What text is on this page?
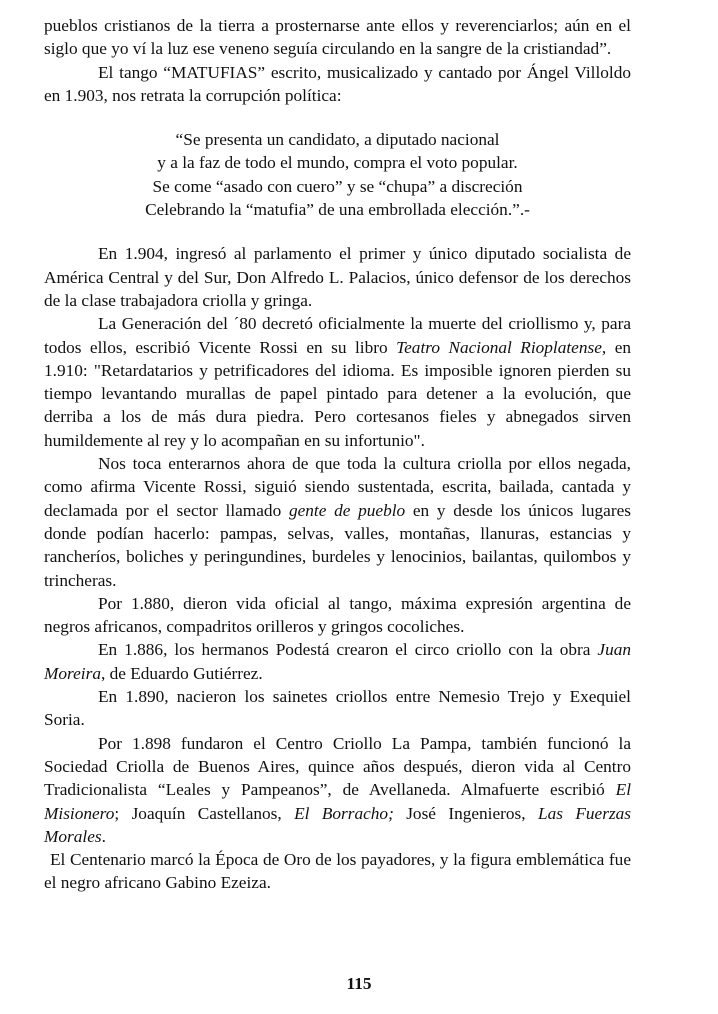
pueblos cristianos de la tierra a prosternarse ante ellos y reverenciarlos; aún en el siglo que yo ví la luz ese veneno seguía circulando en la sangre de la cristiandad”.

El tango “MATUFIAS” escrito, musicalizado y cantado por Ángel Villoldo en 1.903, nos retrata la corrupción política:

“Se presenta un candidato, a diputado nacional
y a la faz de todo el mundo, compra el voto popular.
Se come “asado con cuero” y se “chupa” a discreción
Celebrando la “matufia” de una embrollada elección.”.-

En 1.904, ingresó al parlamento el primer y único diputado socialista de América Central y del Sur, Don Alfredo L. Palacios, único defensor de los derechos de la clase trabajadora criolla y gringa.

La Generación del ´80 decretó oficialmente la muerte del criollismo y, para todos ellos, escribió Vicente Rossi en su libro Teatro Nacional Rioplatense, en 1.910: "Retardatarios y petrificadores del idioma. Es imposible ignoren pierden su tiempo levantando murallas de papel pintado para detener a la evolución, que derriba a los de más dura piedra. Pero cortesanos fieles y abnegados sirven humildemente al rey y lo acompañan en su infortunio".

Nos toca enterarnos ahora de que toda la cultura criolla por ellos negada, como afirma Vicente Rossi, siguió siendo sustentada, escrita, bailada, cantada y declamada por el sector llamado gente de pueblo en y desde los únicos lugares donde podían hacerlo: pampas, selvas, valles, montañas, llanuras, estancias y rancheríos, boliches y peringundines, burdeles y lenocinios, bailantas, quilombos y trincheras.

Por 1.880, dieron vida oficial al tango, máxima expresión argentina de negros africanos, compadritos orilleros y gringos cocoliches.

En 1.886, los hermanos Podestá crearon el circo criollo con la obra Juan Moreira, de Eduardo Gutiérrez.

En 1.890, nacieron los sainetes criollos entre Nemesio Trejo y Exequiel Soria.

Por 1.898 fundaron el Centro Criollo La Pampa, también funcionó la Sociedad Criolla de Buenos Aires, quince años después, dieron vida al Centro Tradicionalista “Leales y Pampeanos”, de Avellaneda. Almafuerte escribió El Misionero; Joaquín Castellanos, El Borracho; José Ingenieros, Las Fuerzas Morales.

El Centenario marcó la Época de Oro de los payadores, y la figura emblemática fue el negro africano Gabino Ezeiza.

115
